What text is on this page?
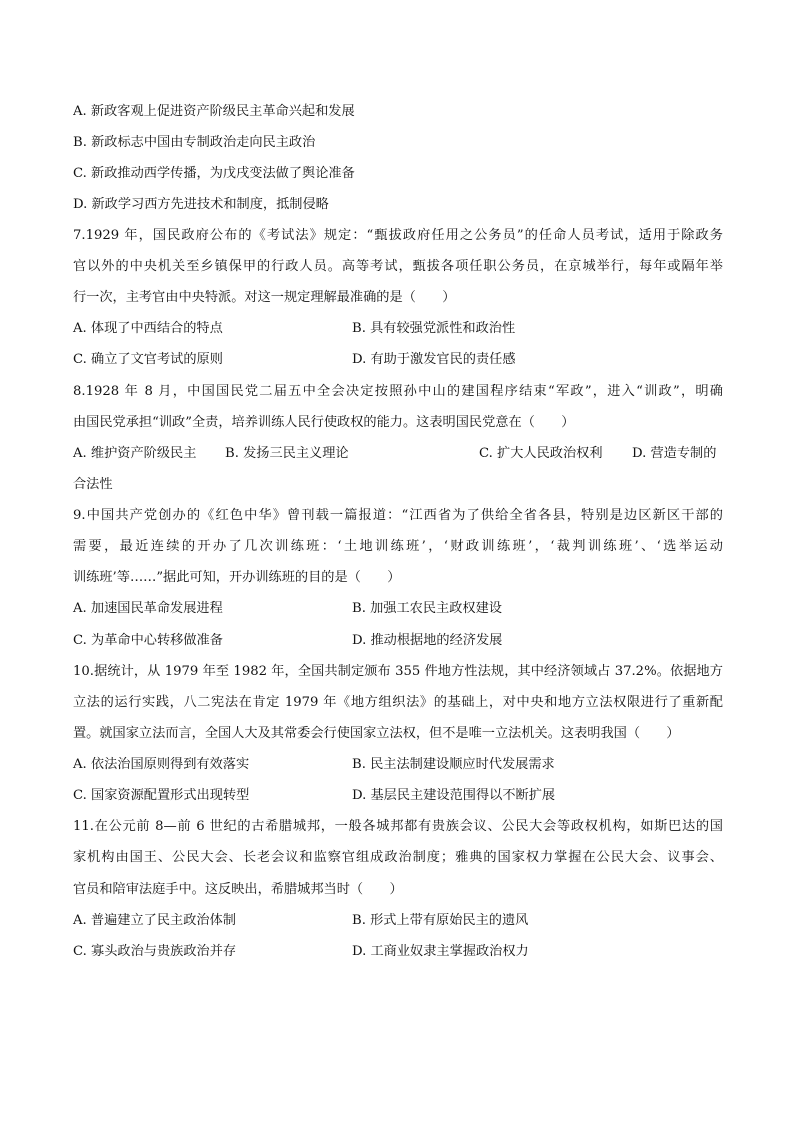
A. 新政客观上促进资产阶级民主革命兴起和发展
B. 新政标志中国由专制政治走向民主政治
C. 新政推动西学传播，为戊戌变法做了舆论准备
D. 新政学习西方先进技术和制度，抵制侵略
7.1929 年，国民政府公布的《考试法》规定：“甄拔政府任用之公务员”的任命人员考试，适用于除政务
官以外的中央机关至乡镇保甲的行政人员。高等考试，甄拔各项任职公务员，在京城举行，每年或隔年举
行一次，主考官由中央特派。对这一规定理解最准确的是（　　）
A. 体现了中西结合的特点	B. 具有较强党派性和政治性
C. 确立了文官考试的原则	D. 有助于激发官民的责任感
8.1928 年 8 月，中国国民党二届五中全会决定按照孙中山的建国程序结束“军政”，进入“训政”，明确
由国民党承担“训政”全责，培养训练人民行使政权的能力。这表明国民党意在（　　）
A. 维护资产阶级民主 B. 发扬三民主义理论	C. 扩大人民政治权利 D. 营造专制的
合法性
9.中国共产党创办的《红色中华》曾刊载一篇报道：“江西省为了供给全省各县，特别是边区新区干部的
需要，最近连续的开办了几次训练班：‘土地训练班’，‘财政训练班’，‘裁判训练班’、‘选举运动
训练班’等……”据此可知，开办训练班的目的是（　　）
A. 加速国民革命发展进程	B. 加强工农民主政权建设
C. 为革命中心转移做准备	D. 推动根据地的经济发展
10.据统计，从 1979 年至 1982 年，全国共制定颁布 355 件地方性法规，其中经济领域占 37.2%。依据地方
立法的运行实践，八二宪法在肯定 1979 年《地方组织法》的基础上，对中央和地方立法权限进行了重新配
置。就国家立法而言，全国人大及其常委会行使国家立法权，但不是唯一立法机关。这表明我国（　　）
A. 依法治国原则得到有效落实	B. 民主法制建设顺应时代发展需求
C. 国家资源配置形式出现转型	D. 基层民主建设范围得以不断扩展
11.在公元前 8—前 6 世纪的古希腊城邦，一般各城邦都有贵族会议、公民大会等政权机构，如斯巴达的国
家机构由国王、公民大会、长老会议和监察官组成政治制度；雅典的国家权力掌握在公民大会、议事会、
官员和陪审法庭手中。这反映出，希腊城邦当时（　　）
A. 普遍建立了民主政治体制	B. 形式上带有原始民主的遗风
C. 寡头政治与贵族政治并存	D. 工商业奴隶主掌握政治权力
